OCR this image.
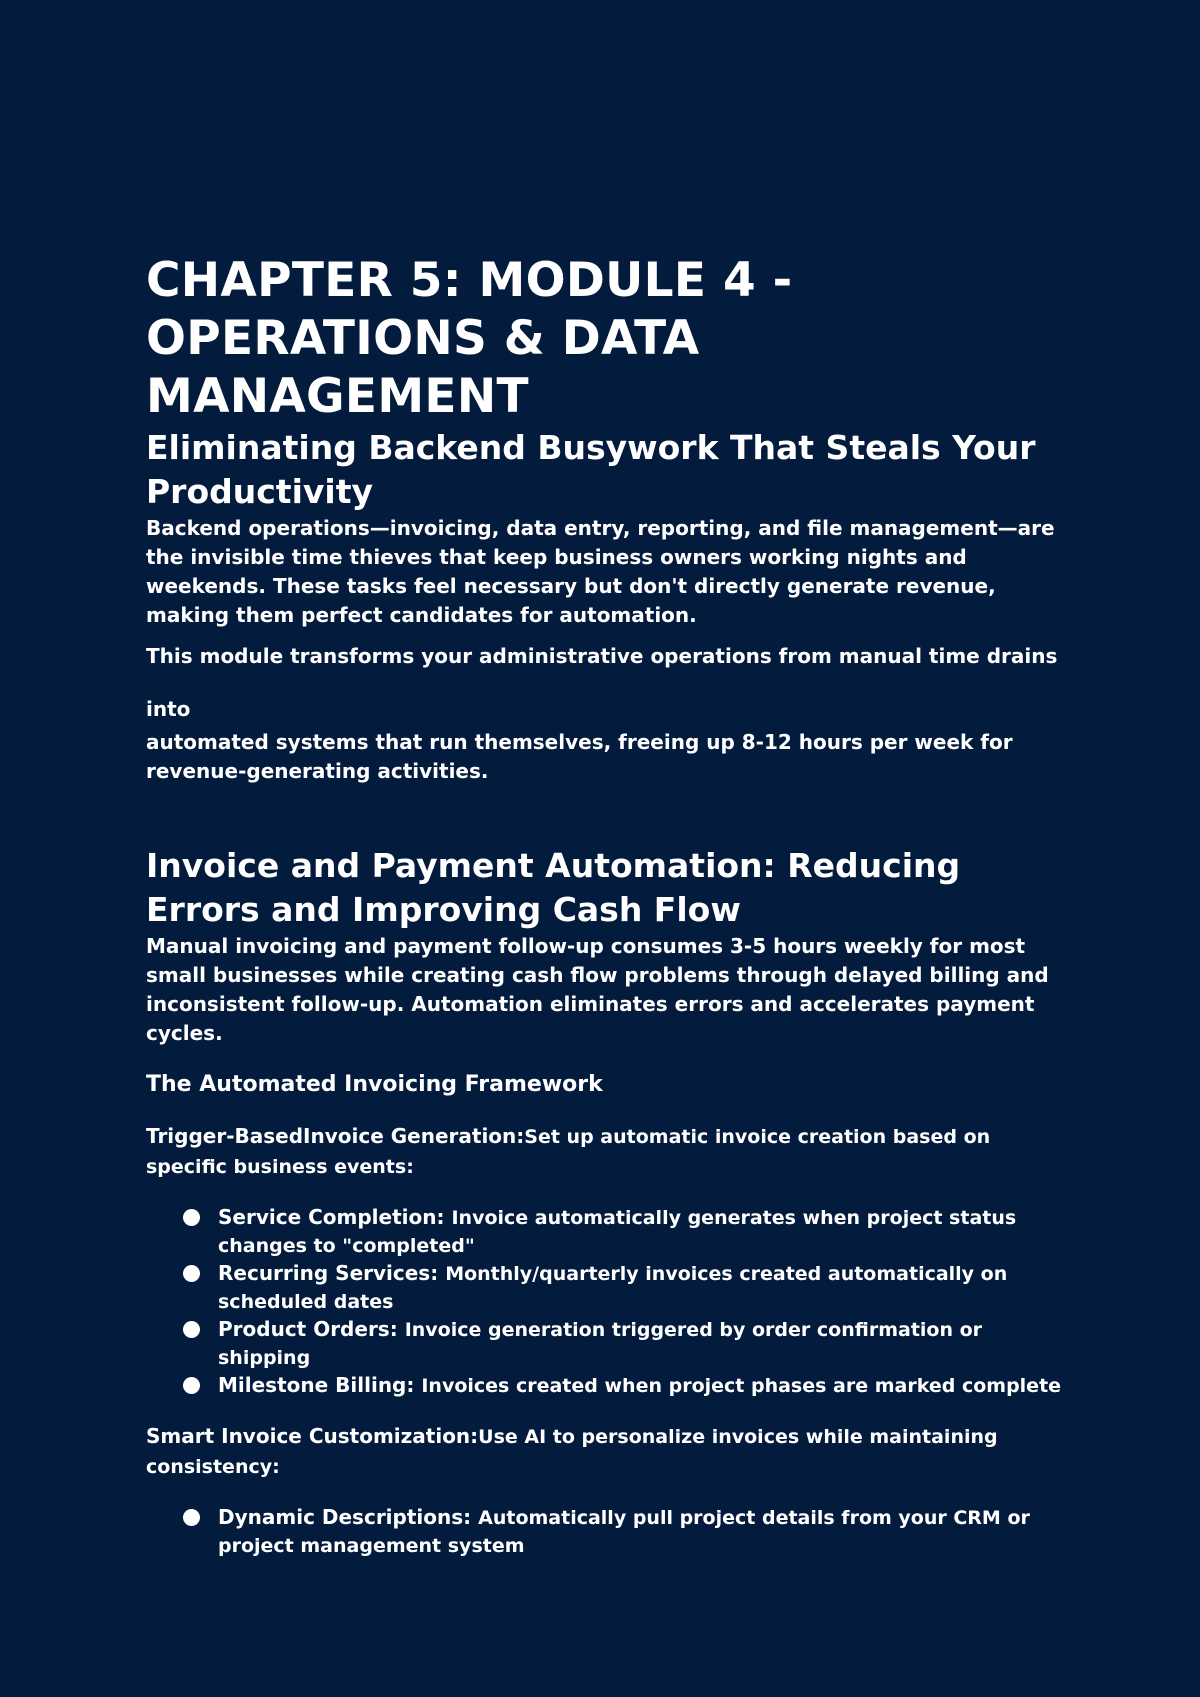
CHAPTER 5: MODULE 4 - OPERATIONS & DATA MANAGEMENT
Eliminating Backend Busywork That Steals Your Productivity

Backend operations—invoicing, data entry, reporting, and file management—are the invisible time thieves that keep business owners working nights and weekends. These tasks feel necessary but don't directly generate revenue, making them perfect candidates for automation.

This module transforms your administrative operations from manual time drains

into

automated systems that run themselves, freeing up 8-12 hours per week for revenue-generating activities.

Invoice and Payment Automation: Reducing Errors and Improving Cash Flow

Manual invoicing and payment follow-up consumes 3-5 hours weekly for most small businesses while creating cash flow problems through delayed billing and inconsistent follow-up. Automation eliminates errors and accelerates payment cycles.

The Automated Invoicing Framework

Trigger-BasedInvoice Generation:Set up automatic invoice creation based on specific business events:

Service Completion: Invoice automatically generates when project status changes to "completed"
Recurring Services: Monthly/quarterly invoices created automatically on scheduled dates
Product Orders: Invoice generation triggered by order confirmation or shipping
Milestone Billing: Invoices created when project phases are marked complete

Smart Invoice Customization:Use AI to personalize invoices while maintaining consistency:

Dynamic Descriptions: Automatically pull project details from your CRM or project management system
